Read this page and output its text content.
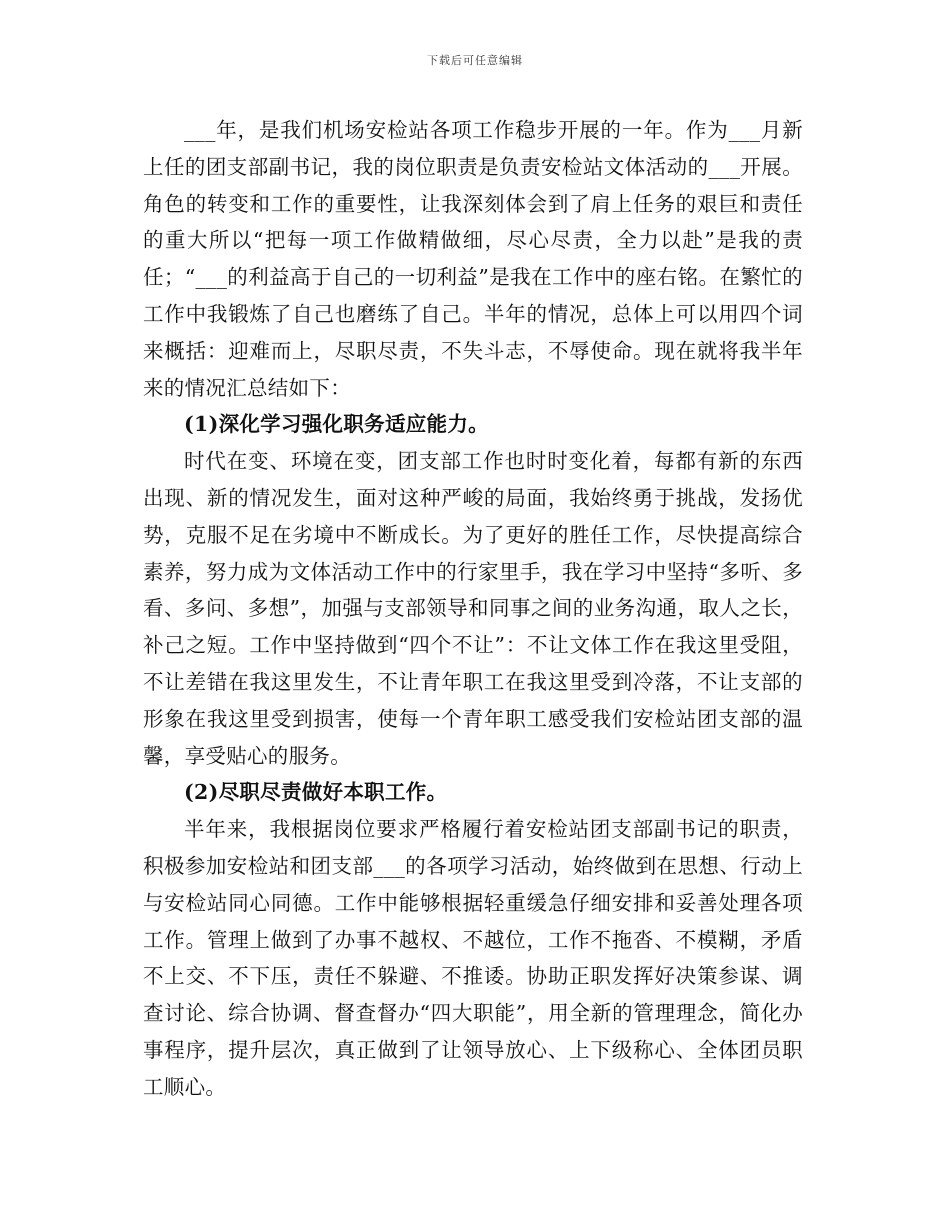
下载后可任意编辑

___年，是我们机场安检站各项工作稳步开展的一年。作为___月新上任的团支部副书记，我的岗位职责是负责安检站文体活动的___开展。角色的转变和工作的重要性，让我深刻体会到了肩上任务的艰巨和责任的重大所以“把每一项工作做精做细，尽心尽责，全力以赴”是我的责任；“___的利益高于自己的一切利益”是我在工作中的座右铭。在繁忙的工作中我锻炼了自己也磨练了自己。半年的情况，总体上可以用四个词来概括：迎难而上，尽职尽责，不失斗志，不辱使命。现在就将我半年来的情况汇总结如下：

(1)深化学习强化职务适应能力。

时代在变、环境在变，团支部工作也时时变化着，每都有新的东西出现、新的情况发生，面对这种严峻的局面，我始终勇于挑战，发扬优势，克服不足在劣境中不断成长。为了更好的胜任工作，尽快提高综合素养，努力成为文体活动工作中的行家里手，我在学习中坚持“多听、多看、多问、多想”，加强与支部领导和同事之间的业务沟通，取人之长，补己之短。工作中坚持做到“四个不让”：不让文体工作在我这里受阻，不让差错在我这里发生，不让青年职工在我这里受到冷落，不让支部的形象在我这里受到损害，使每一个青年职工感受我们安检站团支部的温馨，享受贴心的服务。

(2)尽职尽责做好本职工作。

半年来，我根据岗位要求严格履行着安检站团支部副书记的职责，积极参加安检站和团支部___的各项学习活动，始终做到在思想、行动上与安检站同心同德。工作中能够根据轻重缓急仔细安排和妥善处理各项工作。管理上做到了办事不越权、不越位，工作不拖沓、不模糊，矛盾不上交、不下压，责任不躲避、不推诿。协助正职发挥好决策参谋、调查讨论、综合协调、督查督办“四大职能”，用全新的管理理念，简化办事程序，提升层次，真正做到了让领导放心、上下级称心、全体团员职工顺心。
